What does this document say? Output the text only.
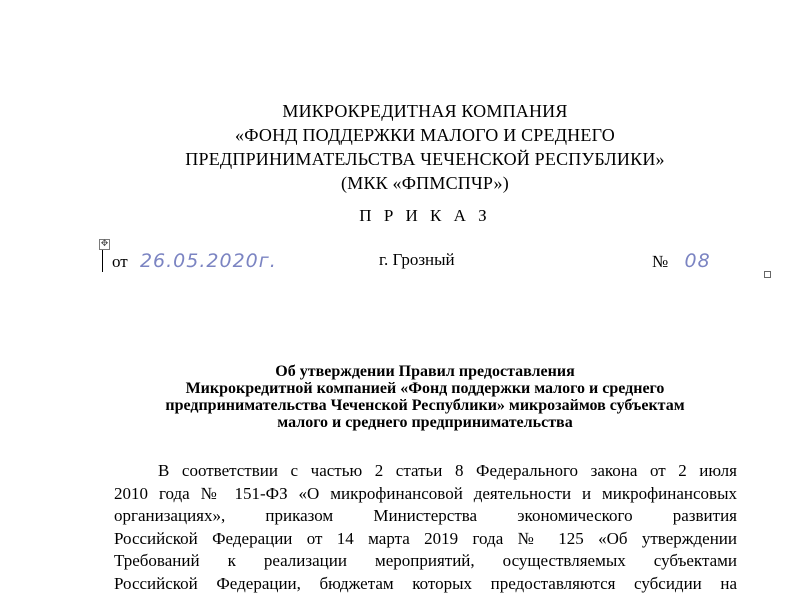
МИКРОКРЕДИТНАЯ КОМПАНИЯ
«ФОНД ПОДДЕРЖКИ МАЛОГО И СРЕДНЕГО
ПРЕДПРИНИМАТЕЛЬСТВА ЧЕЧЕНСКОЙ РЕСПУБЛИКИ»
(МКК «ФПМСПЧР»)
П Р И К А З
✥
от 26.05.2020г.	г. Грозный	№ 08
Об утверждении Правил предоставления
Микрокредитной компанией «Фонд поддержки малого и среднего
предпринимательства Чеченской Республики» микрозаймов субъектам
малого и среднего предпринимательства
В соответствии с частью 2 статьи 8 Федерального закона от 2 июля
2010 года № 151-ФЗ «О микрофинансовой деятельности и микрофинансовых
организациях», приказом Министерства экономического развития
Российской Федерации от 14 марта 2019 года № 125 «Об утверждении
Требований к реализации мероприятий, осуществляемых субъектами
Российской Федерации, бюджетам которых предоставляются субсидии на
